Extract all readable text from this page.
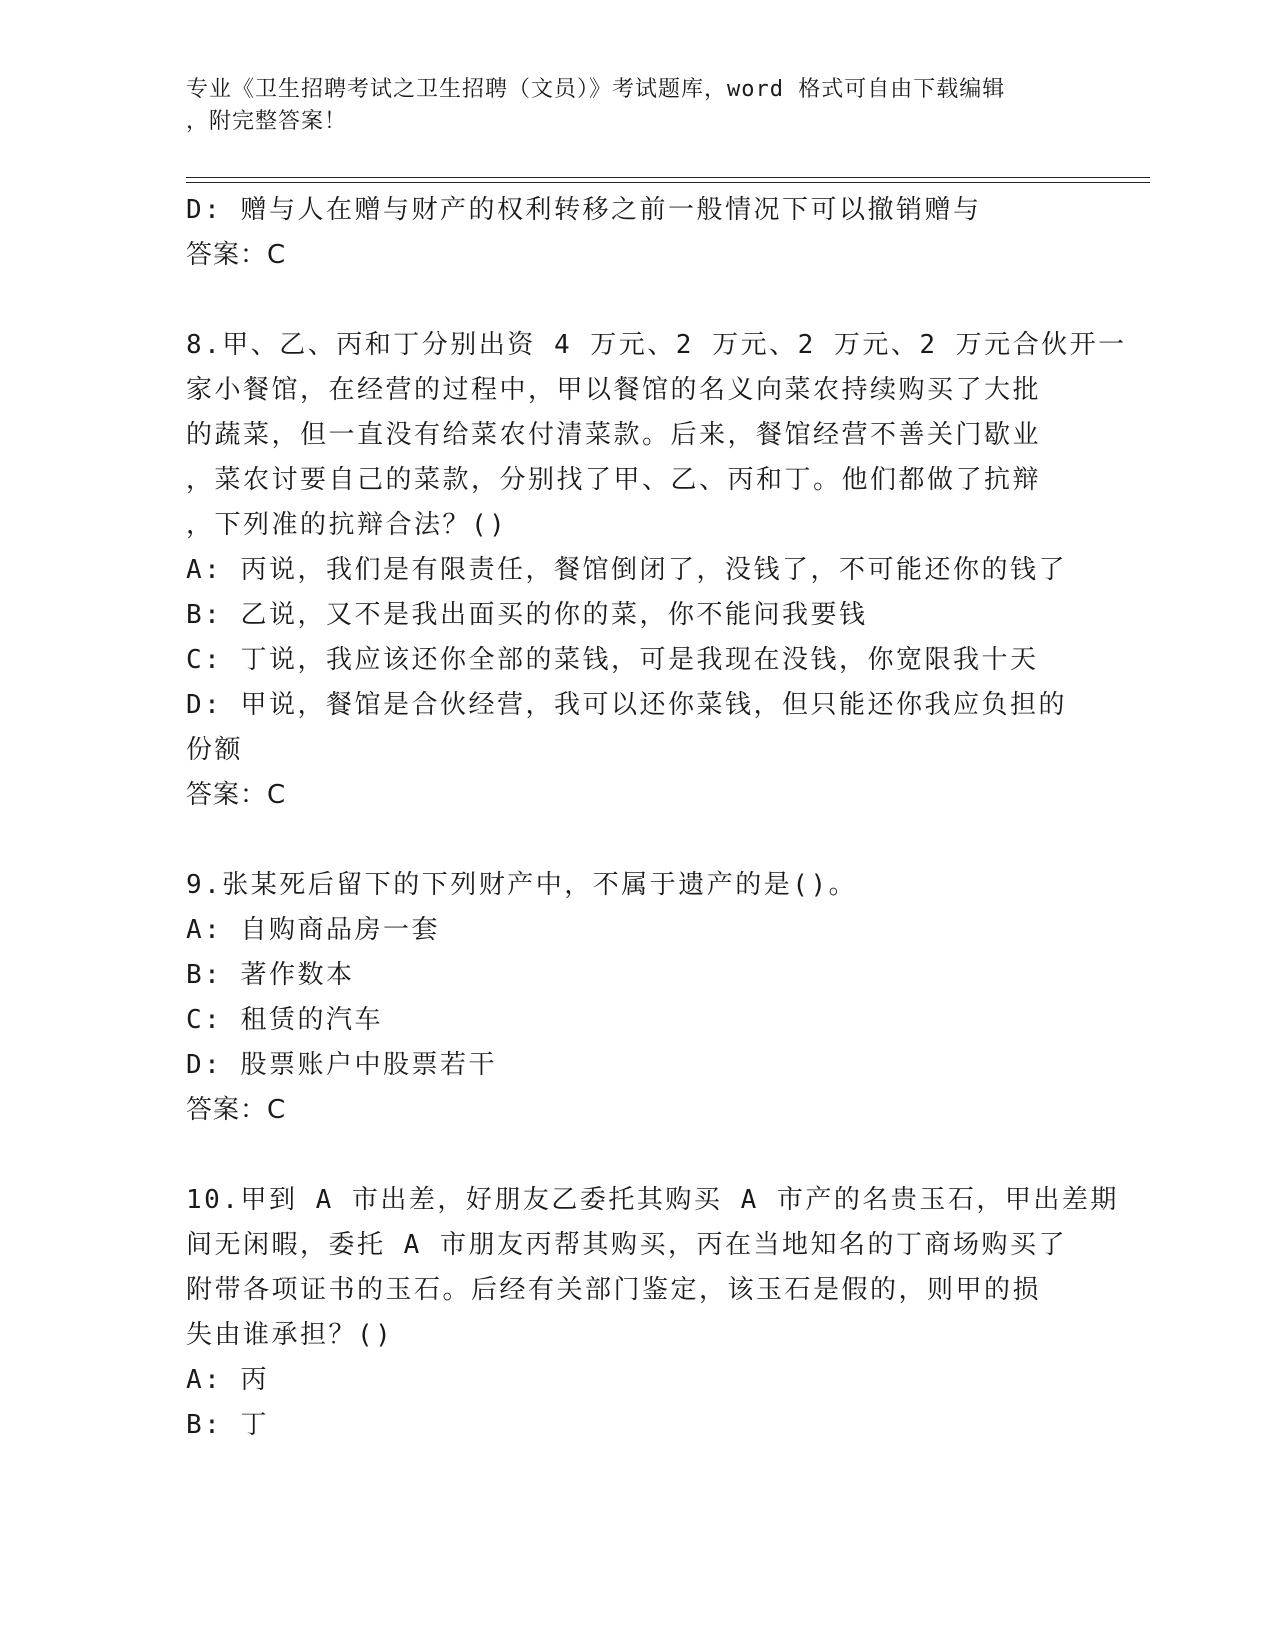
专业《卫生招聘考试之卫生招聘（文员）》考试题库，word 格式可自由下载编辑
，附完整答案！
D: 赠与人在赠与财产的权利转移之前一般情况下可以撤销赠与
答案：C
8.甲、乙、丙和丁分别出资 4 万元、2 万元、2 万元、2 万元合伙开一
家小餐馆，在经营的过程中，甲以餐馆的名义向菜农持续购买了大批
的蔬菜，但一直没有给菜农付清菜款。后来，餐馆经营不善关门歇业
，菜农讨要自己的菜款，分别找了甲、乙、丙和丁。他们都做了抗辩
，下列准的抗辩合法？()
A: 丙说，我们是有限责任，餐馆倒闭了，没钱了，不可能还你的钱了
B: 乙说，又不是我出面买的你的菜，你不能问我要钱
C: 丁说，我应该还你全部的菜钱，可是我现在没钱，你宽限我十天
D: 甲说，餐馆是合伙经营，我可以还你菜钱，但只能还你我应负担的
份额
答案：C
9.张某死后留下的下列财产中，不属于遗产的是()。
A: 自购商品房一套
B: 著作数本
C: 租赁的汽车
D: 股票账户中股票若干
答案：C
10.甲到 A 市出差，好朋友乙委托其购买 A 市产的名贵玉石，甲出差期
间无闲暇，委托 A 市朋友丙帮其购买，丙在当地知名的丁商场购买了
附带各项证书的玉石。后经有关部门鉴定，该玉石是假的，则甲的损
失由谁承担？()
A: 丙
B: 丁
